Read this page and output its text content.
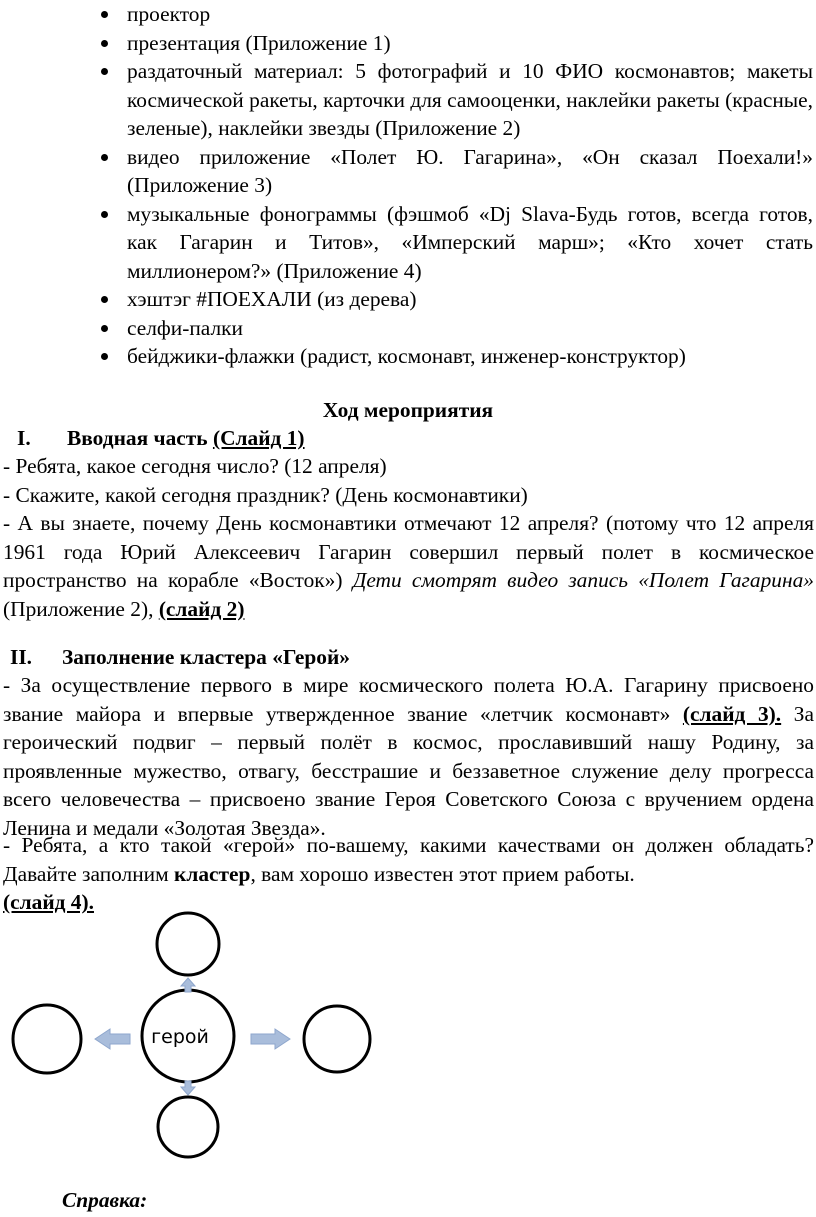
проектор
презентация (Приложение 1)
раздаточный материал: 5 фотографий и 10 ФИО космонавтов; макеты космической ракеты, карточки для самооценки, наклейки ракеты (красные, зеленые), наклейки звезды (Приложение 2)
видео приложение «Полет Ю. Гагарина», «Он сказал Поехали!» (Приложение 3)
музыкальные фонограммы (фэшмоб «Dj Slava-Будь готов, всегда готов, как Гагарин и Титов», «Имперский марш»; «Кто хочет стать миллионером?» (Приложение 4)
хэштэг #ПОЕХАЛИ (из дерева)
селфи-палки
бейджики-флажки (радист, космонавт, инженер-конструктор)
Ход мероприятия
I. Вводная часть (Слайд 1)
- Ребята, какое сегодня число? (12 апреля)
- Скажите, какой сегодня праздник? (День космонавтики)
- А вы знаете, почему День космонавтики отмечают 12 апреля? (потому что 12 апреля 1961 года Юрий Алексеевич Гагарин совершил первый полет в космическое пространство на корабле «Восток») Дети смотрят видео запись «Полет Гагарина» (Приложение 2), (слайд 2)
II. Заполнение кластера «Герой»
- За осуществление первого в мире космического полета Ю.А. Гагарину присвоено звание майора и впервые утвержденное звание «летчик космонавт» (слайд 3). За героический подвиг – первый полёт в космос, прославивший нашу Родину, за проявленные мужество, отвагу, бесстрашие и беззаветное служение делу прогресса всего человечества – присвоено звание Героя Советского Союза с вручением ордена Ленина и медали «Золотая Звезда».
- Ребята, а кто такой «герой» по-вашему, какими качествами он должен обладать? Давайте заполним кластер, вам хорошо известен этот прием работы.
(слайд 4).
герой
Справка:
